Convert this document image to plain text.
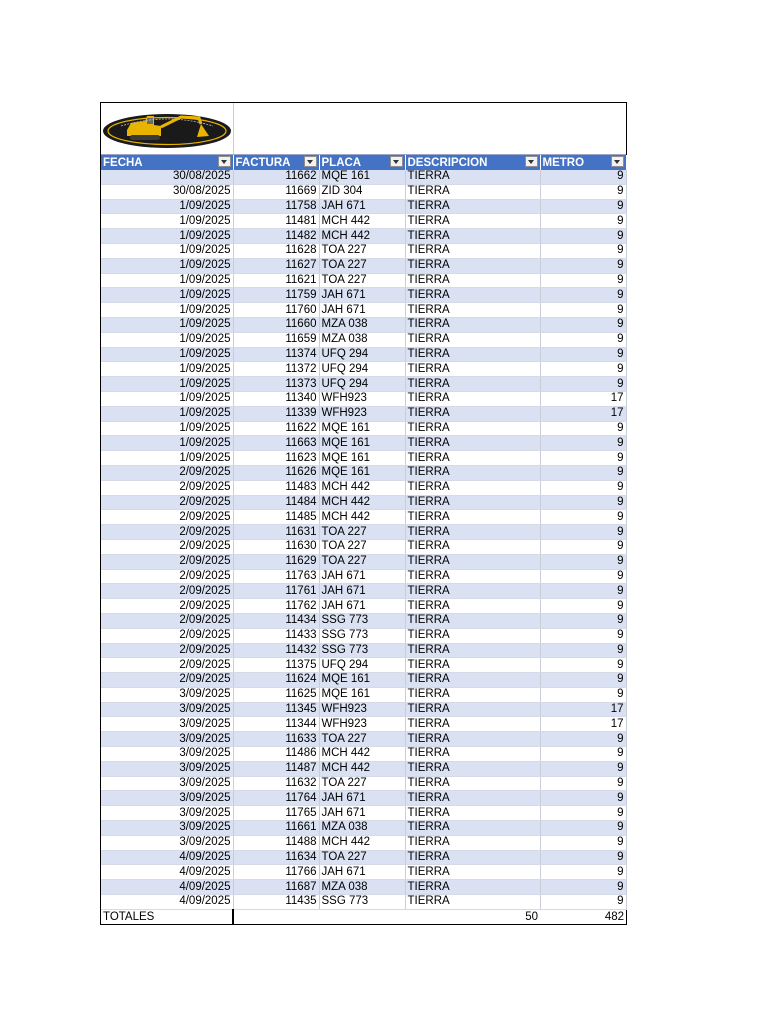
FECHA	FACTURA	PLACA	DESCRIPCION	METRO

30/08/2025	11662	MQE 161	TIERRA	9
30/08/2025	11669	ZID 304	TIERRA	9
1/09/2025	11758	JAH 671	TIERRA	9
1/09/2025	11481	MCH 442	TIERRA	9
1/09/2025	11482	MCH 442	TIERRA	9
1/09/2025	11628	TOA 227	TIERRA	9
1/09/2025	11627	TOA 227	TIERRA	9
1/09/2025	11621	TOA 227	TIERRA	9
1/09/2025	11759	JAH 671	TIERRA	9
1/09/2025	11760	JAH 671	TIERRA	9
1/09/2025	11660	MZA 038	TIERRA	9
1/09/2025	11659	MZA 038	TIERRA	9
1/09/2025	11374	UFQ 294	TIERRA	9
1/09/2025	11372	UFQ 294	TIERRA	9
1/09/2025	11373	UFQ 294	TIERRA	9
1/09/2025	11340	WFH923	TIERRA	17
1/09/2025	11339	WFH923	TIERRA	17
1/09/2025	11622	MQE 161	TIERRA	9
1/09/2025	11663	MQE 161	TIERRA	9
1/09/2025	11623	MQE 161	TIERRA	9
2/09/2025	11626	MQE 161	TIERRA	9
2/09/2025	11483	MCH 442	TIERRA	9
2/09/2025	11484	MCH 442	TIERRA	9
2/09/2025	11485	MCH 442	TIERRA	9
2/09/2025	11631	TOA 227	TIERRA	9
2/09/2025	11630	TOA 227	TIERRA	9
2/09/2025	11629	TOA 227	TIERRA	9
2/09/2025	11763	JAH 671	TIERRA	9
2/09/2025	11761	JAH 671	TIERRA	9
2/09/2025	11762	JAH 671	TIERRA	9
2/09/2025	11434	SSG 773	TIERRA	9
2/09/2025	11433	SSG 773	TIERRA	9
2/09/2025	11432	SSG 773	TIERRA	9
2/09/2025	11375	UFQ 294	TIERRA	9
2/09/2025	11624	MQE 161	TIERRA	9
3/09/2025	11625	MQE 161	TIERRA	9
3/09/2025	11345	WFH923	TIERRA	17
3/09/2025	11344	WFH923	TIERRA	17
3/09/2025	11633	TOA 227	TIERRA	9
3/09/2025	11486	MCH 442	TIERRA	9
3/09/2025	11487	MCH 442	TIERRA	9
3/09/2025	11632	TOA 227	TIERRA	9
3/09/2025	11764	JAH 671	TIERRA	9
3/09/2025	11765	JAH 671	TIERRA	9
3/09/2025	11661	MZA 038	TIERRA	9
3/09/2025	11488	MCH 442	TIERRA	9
4/09/2025	11634	TOA 227	TIERRA	9
4/09/2025	11766	JAH 671	TIERRA	9
4/09/2025	11687	MZA 038	TIERRA	9
4/09/2025	11435	SSG 773	TIERRA	9
TOTALES			50	482
